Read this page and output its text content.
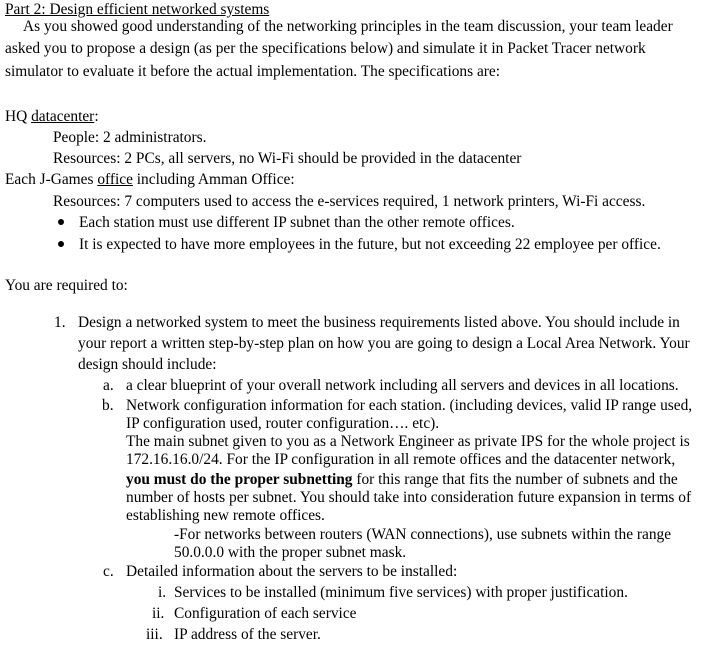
Part 2: Design efficient networked systems
As you showed good understanding of the networking principles in the team discussion, your team leader
asked you to propose a design (as per the specifications below) and simulate it in Packet Tracer network
simulator to evaluate it before the actual implementation. The specifications are:
HQ datacenter:
People: 2 administrators.
Resources: 2 PCs, all servers, no Wi-Fi should be provided in the datacenter
Each J-Games office including Amman Office:
Resources: 7 computers used to access the e-services required, 1 network printers, Wi-Fi access.
Each station must use different IP subnet than the other remote offices.
It is expected to have more employees in the future, but not exceeding 22 employee per office.
You are required to:
1. Design a networked system to meet the business requirements listed above. You should include in
your report a written step-by-step plan on how you are going to design a Local Area Network. Your
design should include:
a. a clear blueprint of your overall network including all servers and devices in all locations.
b. Network configuration information for each station. (including devices, valid IP range used,
IP configuration used, router configuration…. etc).
The main subnet given to you as a Network Engineer as private IPS for the whole project is
172.16.16.0/24. For the IP configuration in all remote offices and the datacenter network,
you must do the proper subnetting for this range that fits the number of subnets and the
number of hosts per subnet. You should take into consideration future expansion in terms of
establishing new remote offices.
-For networks between routers (WAN connections), use subnets within the range
50.0.0.0 with the proper subnet mask.
c. Detailed information about the servers to be installed:
i. Services to be installed (minimum five services) with proper justification.
ii. Configuration of each service
iii. IP address of the server.
